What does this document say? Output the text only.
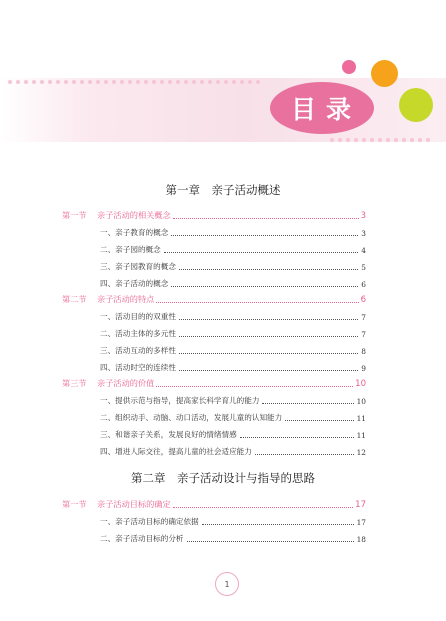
目录
第一章　亲子活动概述
第一节	亲子活动的相关概念	3
一、亲子教育的概念	3
二、亲子园的概念	4
三、亲子园教育的概念	5
四、亲子活动的概念	6
第二节	亲子活动的特点	6
一、活动目的的双重性	7
二、活动主体的多元性	7
三、活动互动的多样性	8
四、活动时空的连续性	9
第三节	亲子活动的价值	10
一、提供示范与指导，提高家长科学育儿的能力	10
二、组织动手、动脑、动口活动，发展儿童的认知能力	11
三、和谐亲子关系，发展良好的情绪情感	11
四、增进人际交往，提高儿童的社会适应能力	12
第二章　亲子活动设计与指导的思路
第一节	亲子活动目标的确定	17
一、亲子活动目标的确定依据	17
二、亲子活动目标的分析	18
1
